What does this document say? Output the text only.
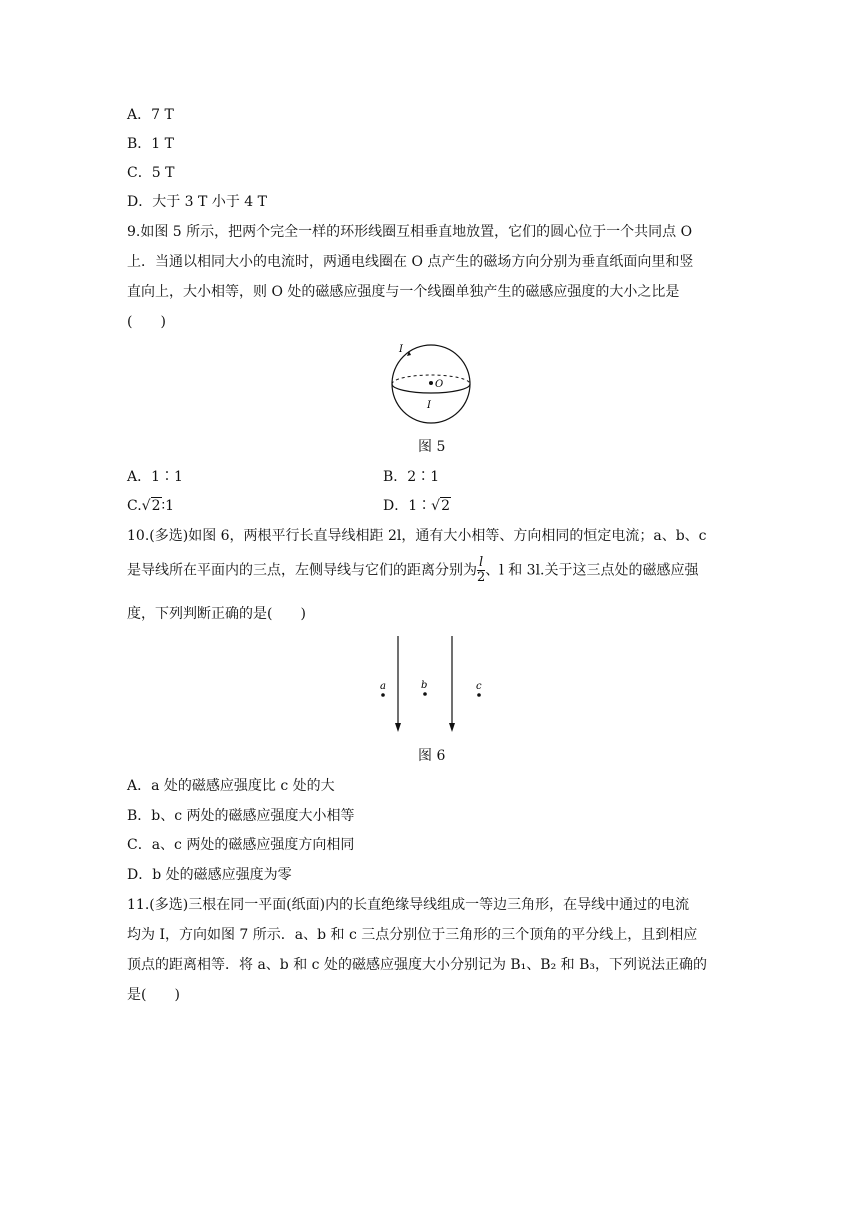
A．7 T
B．1 T
C．5 T
D．大于 3 T 小于 4 T
9.如图 5 所示，把两个完全一样的环形线圈互相垂直地放置，它们的圆心位于一个共同点 O
上．当通以相同大小的电流时，两通电线圈在 O 点产生的磁场方向分别为垂直纸面向里和竖
直向上，大小相等，则 O 处的磁感应强度与一个线圈单独产生的磁感应强度的大小之比是
(　　)
I
O
I
图 5
A．1∶1	B．2∶1
C.√2∶1	D．1∶√2
10.(多选)如图 6，两根平行长直导线相距 2l，通有大小相等、方向相同的恒定电流；a、b、c
是导线所在平面内的三点，左侧导线与它们的距离分别为 $\frac{l}{2}$ 、l 和 3l.关于这三点处的磁感应强
度，下列判断正确的是(　　)
a	b	c
图 6
A．a 处的磁感应强度比 c 处的大
B．b、c 两处的磁感应强度大小相等
C．a、c 两处的磁感应强度方向相同
D．b 处的磁感应强度为零
11.(多选)三根在同一平面(纸面)内的长直绝缘导线组成一等边三角形，在导线中通过的电流
均为 I，方向如图 7 所示．a、b 和 c 三点分别位于三角形的三个顶角的平分线上，且到相应
顶点的距离相等．将 a、b 和 c 处的磁感应强度大小分别记为 B₁、B₂ 和 B₃，下列说法正确的
是(　　)
